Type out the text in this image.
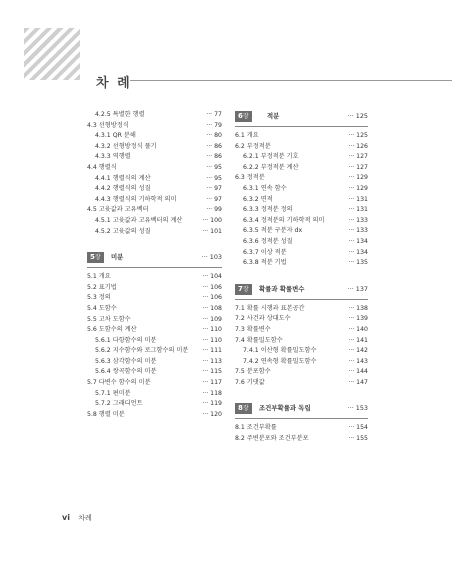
차 례
4.2.5 특별한 행렬	··· 77
4.3 선형방정식	··· 79
4.3.1 QR 분해	··· 80
4.3.2 선형방정식 풀기	··· 86
4.3.3 역행렬	··· 86
4.4 행렬식	··· 95
4.4.1 행렬식의 계산	··· 95
4.4.2 행렬식의 성질	··· 97
4.4.3 행렬식의 기하학적 의미	··· 97
4.5 고윳값과 고유벡터	··· 99
4.5.1 고윳값과 고유벡터의 계산	··· 100
4.5.2 고윳값의 성질	··· 101
5장	미분	··· 103
5.1 개요	··· 104
5.2 표기법	··· 106
5.3 정의	··· 106
5.4 도함수	··· 108
5.5 고차 도함수	··· 109
5.6 도함수의 계산	··· 110
5.6.1 다항함수의 미분	··· 110
5.6.2 지수함수와 로그함수의 미분 ··· 111
5.6.3 삼각함수의 미분	··· 113
5.6.4 쌍곡함수의 미분	··· 115
5.7 다변수 함수의 미분	··· 117
5.7.1 편미분	··· 118
5.7.2 그래디언트	··· 119
5.8 행렬 미분	··· 120
6장	적분	··· 125
6.1 개요	··· 125
6.2 부정적분	··· 126
6.2.1 부정적분 기호	··· 127
6.2.2 부정적분 계산	··· 127
6.3 정적분	··· 129
6.3.1 연속 함수	··· 129
6.3.2 면적	··· 131
6.3.3 정적분 정의	··· 131
6.3.4 정적분의 기하학적 의미	··· 133
6.3.5 적분 구분자 dx	··· 133
6.3.6 정적분 성질	··· 134
6.3.7 이상 적분	··· 134
6.3.8 적분 기법	··· 135
7장	확률과 확률변수	··· 137
7.1 확률 시행과 표본공간	··· 138
7.2 사건과 상대도수	··· 139
7.3 확률변수	··· 140
7.4 확률밀도함수	··· 141
7.4.1 이산형 확률밀도함수	··· 142
7.4.2 연속형 확률밀도함수	··· 143
7.5 분포함수	··· 144
7.6 기댓값	··· 147
8장	조건부확률과 독립	··· 153
8.1 조건부확률	··· 154
8.2 주변분포와 조건부분포	··· 155
vi 차례
